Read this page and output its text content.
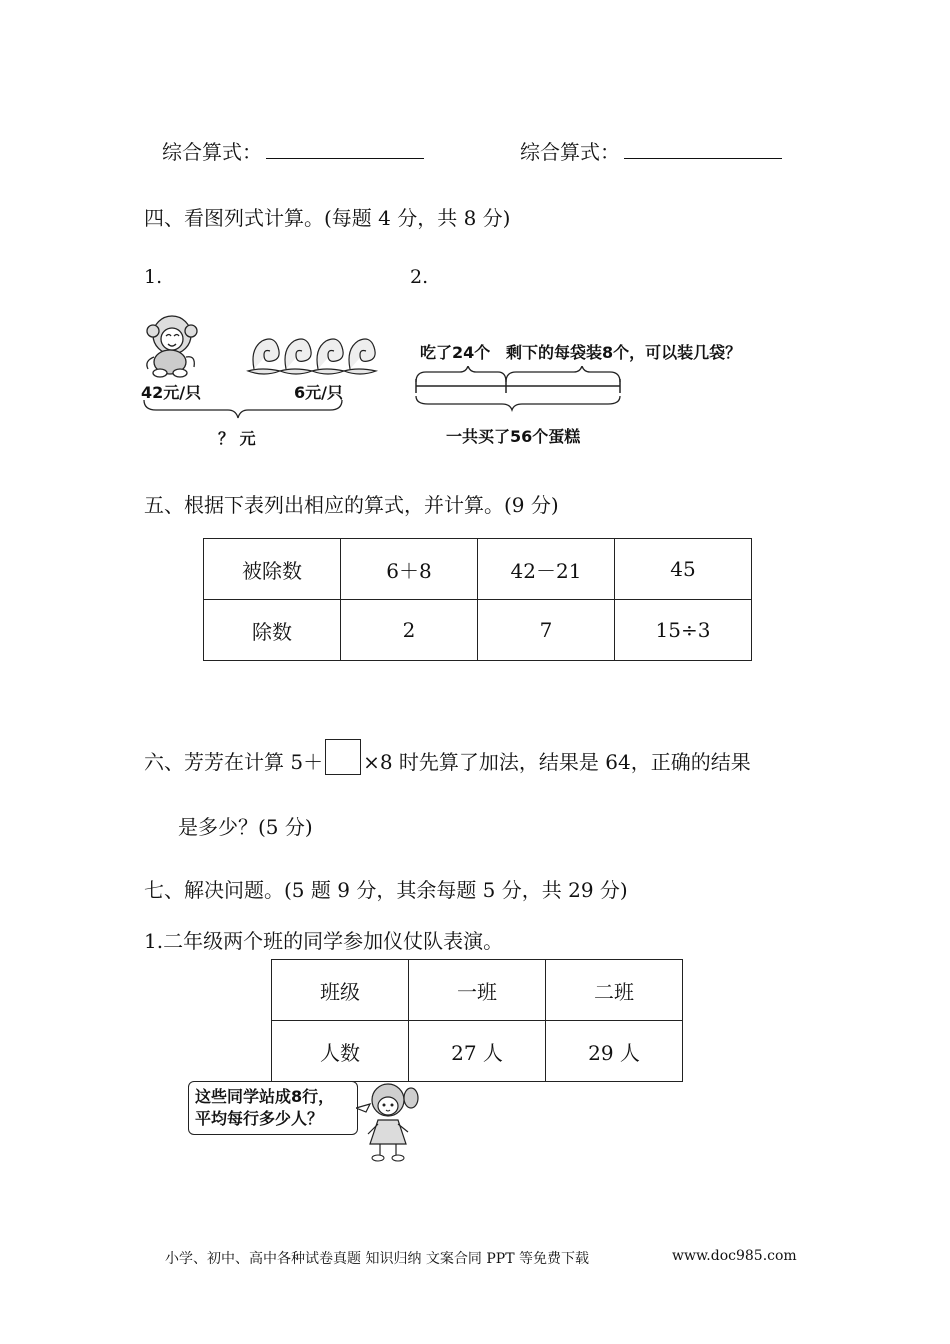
综合算式：	综合算式：
四、看图列式计算。(每题 4 分，共 8 分)
1.	2.
42元/只	6元/只
？ 元
吃了24个 剩下的每袋装8个，可以装几袋？
一共买了56个蛋糕
五、根据下表列出相应的算式，并计算。(9 分)
被除数	6＋8	42－21	45
除数	2	7	15÷3
六、芳芳在计算 5＋ ×8 时先算了加法，结果是 64，正确的结果
是多少？(5 分)
七、解决问题。(5 题 9 分，其余每题 5 分，共 29 分)
1.二年级两个班的同学参加仪仗队表演。
班级	一班	二班
人数	27 人	29 人
这些同学站成8行，
平均每行多少人？
小学、初中、高中各种试卷真题 知识归纳 文案合同 PPT 等免费下载	www.doc985.com
